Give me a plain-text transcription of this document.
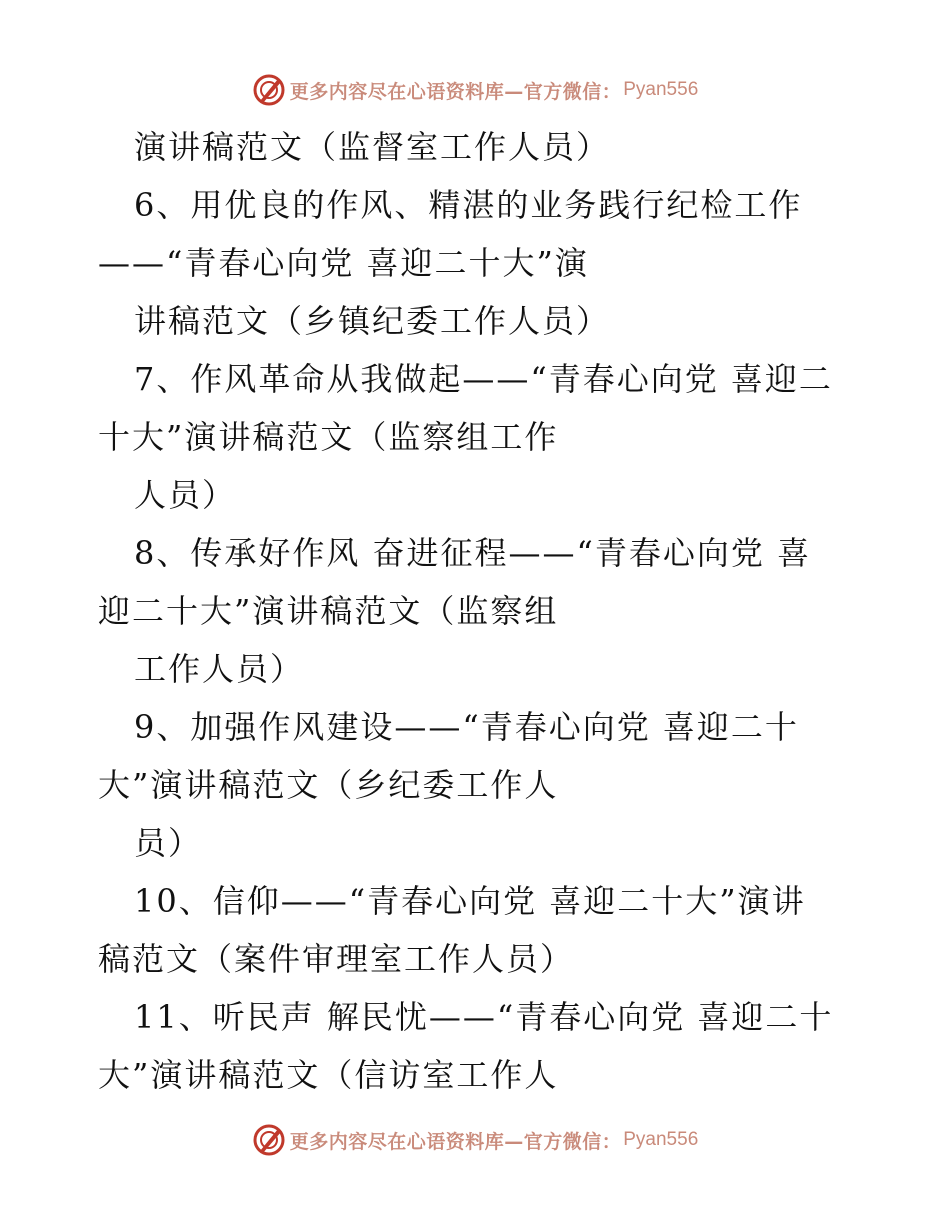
更多内容尽在心语资料库—官方微信： Pyan556
演讲稿范文（监督室工作人员）
6、用优良的作风、精湛的业务践行纪检工作
——“青春心向党 喜迎二十大”演
讲稿范文（乡镇纪委工作人员）
7、作风革命从我做起——“青春心向党 喜迎二
十大”演讲稿范文（监察组工作
人员）
8、传承好作风 奋进征程——“青春心向党 喜
迎二十大”演讲稿范文（监察组
工作人员）
9、加强作风建设——“青春心向党 喜迎二十
大”演讲稿范文（乡纪委工作人
员）
10、信仰——“青春心向党 喜迎二十大”演讲
稿范文（案件审理室工作人员）
11、听民声 解民忧——“青春心向党 喜迎二十
大”演讲稿范文（信访室工作人
更多内容尽在心语资料库—官方微信： Pyan556
